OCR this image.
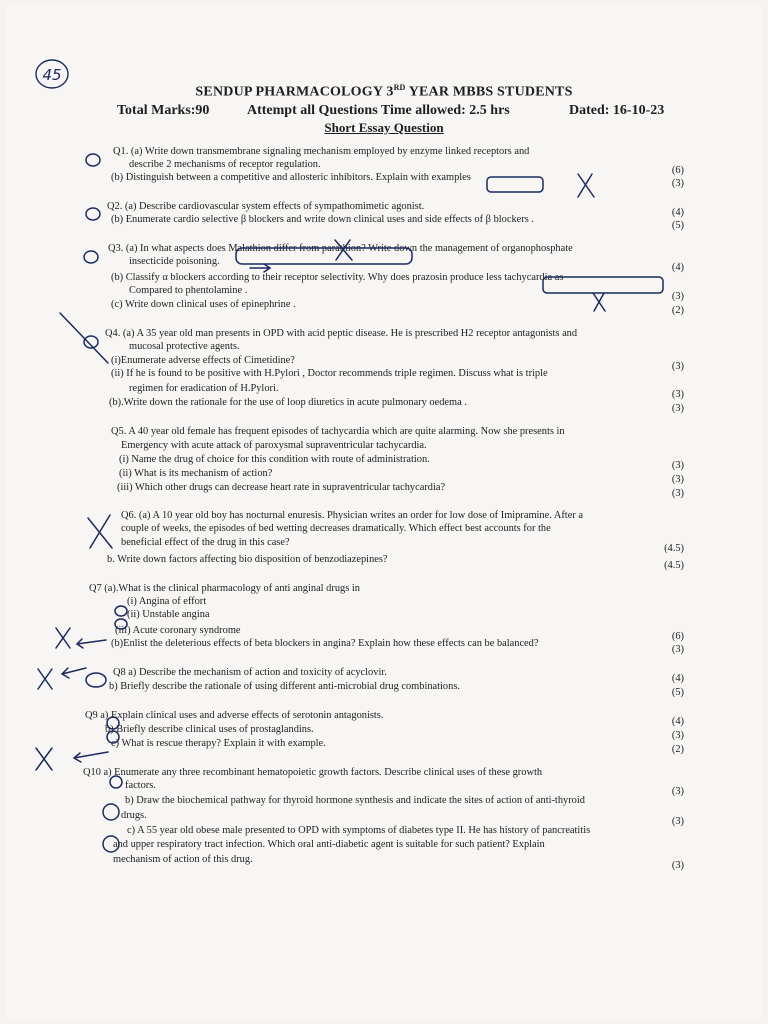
SENDUP PHARMACOLOGY 3RD YEAR MBBS STUDENTS
Total Marks:90	Attempt all Questions Time allowed: 2.5 hrs	Dated: 16-10-23
Short Essay Question
Q1. (a) Write down transmembrane signaling mechanism employed by enzyme linked receptors and
describe 2 mechanisms of receptor regulation.
(6)
(b) Distinguish between a competitive and allosteric inhibitors. Explain with examples
(3)
Q2. (a) Describe cardiovascular system effects of sympathomimetic agonist.
(4)
(b) Enumerate cardio selective β blockers and write down clinical uses and side effects of β blockers .
(5)
Q3. (a) In what aspects does Malathion differ from parathion? Write down the management of organophosphate
insecticide poisoning.
(4)
(b) Classify α blockers according to their receptor selectivity. Why does prazosin produce less tachycardia as
Compared to phentolamine .
(3)
(c) Write down clinical uses of epinephrine .
(2)
Q4. (a) A 35 year old man presents in OPD with acid peptic disease. He is prescribed H2 receptor antagonists and
mucosal protective agents.
(i)Enumerate adverse effects of Cimetidine?
(3)
(ii) If he is found to be positive with H.Pylori , Doctor recommends triple regimen. Discuss what is triple
regimen for eradication of H.Pylori.
(3)
(b).Write down the rationale for the use of loop diuretics in acute pulmonary oedema .
(3)
Q5. A 40 year old female has frequent episodes of tachycardia which are quite alarming. Now she presents in
Emergency with acute attack of paroxysmal supraventricular tachycardia.
(i) Name the drug of choice for this condition with route of administration.
(3)
(ii) What is its mechanism of action?
(3)
(iii) Which other drugs can decrease heart rate in supraventricular tachycardia?
(3)
Q6. (a) A 10 year old boy has nocturnal enuresis. Physician writes an order for low dose of Imipramine. After a
couple of weeks, the episodes of bed wetting decreases dramatically. Which effect best accounts for the
beneficial effect of the drug in this case?
(4.5)
b. Write down factors affecting bio disposition of benzodiazepines?
(4.5)
Q7 (a).What is the clinical pharmacology of anti anginal drugs in
(i) Angina of effort
(ii) Unstable angina
(iii) Acute coronary syndrome
(6)
(b)Enlist the deleterious effects of beta blockers in angina? Explain how these effects can be balanced?
(3)
Q8 a) Describe the mechanism of action and toxicity of acyclovir.
(4)
b) Briefly describe the rationale of using different anti-microbial drug combinations.
(5)
Q9 a) Explain clinical uses and adverse effects of serotonin antagonists.
(4)
b) Briefly describe clinical uses of prostaglandins.
(3)
c) What is rescue therapy? Explain it with example.
(2)
Q10 a) Enumerate any three recombinant hematopoietic growth factors. Describe clinical uses of these growth
factors.
(3)
b) Draw the biochemical pathway for thyroid hormone synthesis and indicate the sites of action of anti-thyroid
drugs.
(3)
c) A 55 year old obese male presented to OPD with symptoms of diabetes type II. He has history of pancreatitis
and upper respiratory tract infection. Which oral anti-diabetic agent is suitable for such patient? Explain
mechanism of action of this drug.
(3)
45
